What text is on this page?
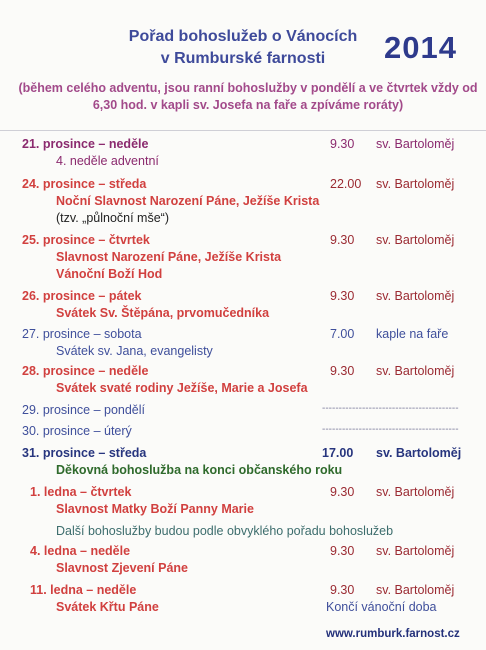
Pořad bohoslužeb o Vánocích
v Rumburské farnosti	2014
(během celého adventu, jsou ranní bohoslužby v pondělí a ve čtvrtek vždy od
6,30 hod. v kapli sv. Josefa na faře a zpíváme roráty)
21. prosince – neděle	9.30 sv. Bartoloměj
4. neděle adventní
24. prosince – středa	22.00 sv. Bartoloměj
Noční Slavnost Narození Páne, Ježíše Krista
(tzv. „půlnoční mše“)
25. prosince – čtvrtek	9.30 sv. Bartoloměj
Slavnost Narození Páne, Ježíše Krista
Vánoční Boží Hod
26. prosince – pátek	9.30 sv. Bartoloměj
Svátek Sv. Štěpána, prvomučedníka
27. prosince – sobota	7.00 kaple na faře
Svátek sv. Jana, evangelisty
28. prosince – neděle	9.30 sv. Bartoloměj
Svátek svaté rodiny Ježíše, Marie a Josefa
29. prosince – pondělí	-----------------------------------------
30. prosince – úterý	-----------------------------------------
31. prosince – středa	17.00 sv. Bartoloměj
Děkovná bohoslužba na konci občanského roku
1. ledna – čtvrtek	9.30 sv. Bartoloměj
Slavnost Matky Boží Panny Marie
Další bohoslužby budou podle obvyklého pořadu bohoslužeb
4. ledna – neděle	9.30 sv. Bartoloměj
Slavnost Zjevení Páne
11. ledna – neděle	9.30 sv. Bartoloměj
Svátek Křtu Páne	Končí vánoční doba
www.rumburk.farnost.cz
